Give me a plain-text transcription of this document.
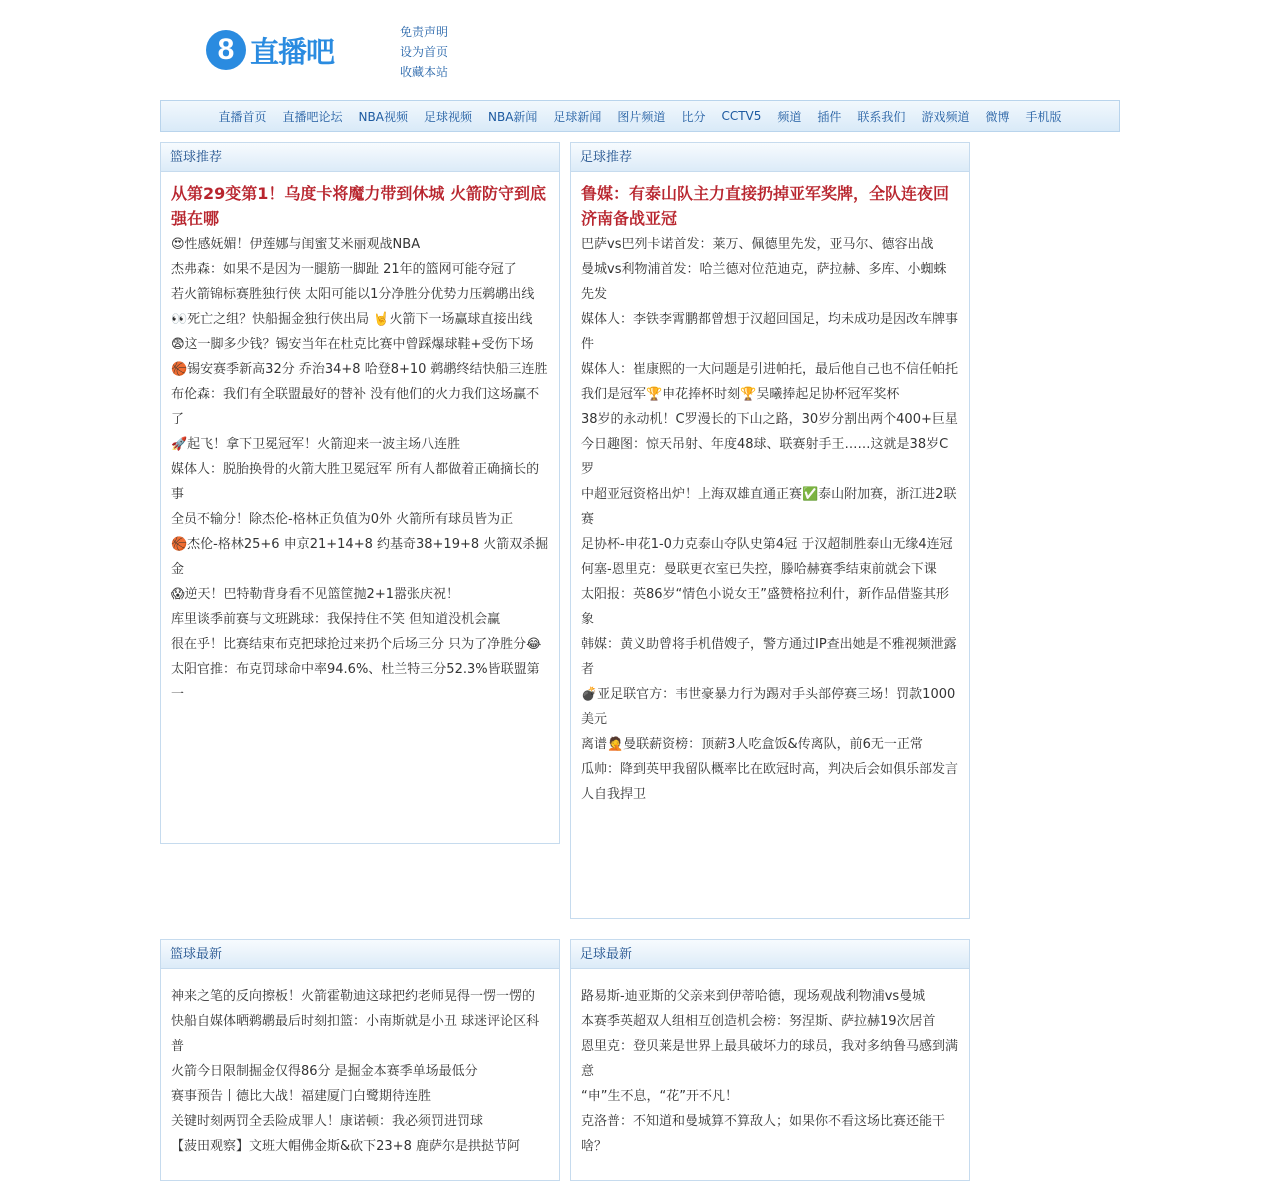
8 直播吧
免责声明
设为首页
收藏本站
直播首页 直播吧论坛 NBA视频 足球视频 NBA新闻 足球新闻 图片频道 比分 CCTV5 频道 插件 联系我们 游戏频道 微博 手机版
篮球推荐
从第29变第1！乌度卡将魔力带到休城 火箭防守到底强在哪
😍性感妩媚！伊莲娜与闺蜜艾米丽观战NBA
杰弗森：如果不是因为一腿筋一脚趾 21年的篮网可能夺冠了
若火箭锦标赛胜独行侠 太阳可能以1分净胜分优势力压鹈鹕出线
👀死亡之组？快船掘金独行侠出局 🤘火箭下一场赢球直接出线
😨这一脚多少钱？锡安当年在杜克比赛中曾踩爆球鞋+受伤下场
🏀锡安赛季新高32分 乔治34+8 哈登8+10 鹈鹕终结快船三连胜
布伦森：我们有全联盟最好的替补 没有他们的火力我们这场赢不了
🚀起飞！拿下卫冕冠军！火箭迎来一波主场八连胜
媒体人：脱胎换骨的火箭大胜卫冕冠军 所有人都做着正确摘长的事
全员不输分！除杰伦-格林正负值为0外 火箭所有球员皆为正
🏀杰伦-格林25+6 申京21+14+8 约基奇38+19+8 火箭双杀掘金
😱逆天！巴特勒背身看不见篮筐抛2+1嚣张庆祝！
库里谈季前赛与文班跳球：我保持住不笑 但知道没机会赢
很在乎！比赛结束布克把球抢过来扔个后场三分 只为了净胜分😂
太阳官推：布克罚球命中率94.6%、杜兰特三分52.3%皆联盟第一
足球推荐
鲁媒：有泰山队主力直接扔掉亚军奖牌，全队连夜回济南备战亚冠
巴萨vs巴列卡诺首发：莱万、佩德里先发，亚马尔、德容出战
曼城vs利物浦首发：哈兰德对位范迪克，萨拉赫、多库、小蜘蛛先发
媒体人：李铁李霄鹏都曾想于汉超回国足，均未成功是因改车牌事件
媒体人：崔康熙的一大问题是引进帕托，最后他自己也不信任帕托
我们是冠军🏆申花捧杯时刻🏆吴曦捧起足协杯冠军奖杯
38岁的永动机！C罗漫长的下山之路，30岁分割出两个400+巨星
今日趣图：惊天吊射、年度48球、联赛射手王……这就是38岁C罗
中超亚冠资格出炉！上海双雄直通正赛✅泰山附加赛，浙江进2联赛
足协杯-申花1-0力克泰山夺队史第4冠 于汉超制胜泰山无缘4连冠
何塞-恩里克：曼联更衣室已失控，滕哈赫赛季结束前就会下课
太阳报：英86岁“情色小说女王”盛赞格拉利什，新作品借鉴其形象
韩媒：黄义助曾将手机借嫂子，警方通过IP查出她是不雅视频泄露者
💣亚足联官方：韦世豪暴力行为踢对手头部停赛三场！罚款1000美元
离谱🤦曼联薪资榜：顶薪3人吃盒饭&传离队，前6无一正常
瓜帅：降到英甲我留队概率比在欧冠时高，判决后会如俱乐部发言人自我捍卫
篮球最新
神来之笔的反向擦板！火箭霍勒迪这球把约老师晃得一愣一愣的
快船自媒体晒鹈鹕最后时刻扣篮：小南斯就是小丑 球迷评论区科普
火箭今日限制掘金仅得86分 是掘金本赛季单场最低分
赛事预告丨德比大战！福建厦门白鹭期待连胜
关键时刻两罚全丢险成罪人！康诺顿：我必须罚进罚球
【菠田观察】文班大帽佛金斯&砍下23+8 鹿萨尔是拱挞节阿
足球最新
路易斯-迪亚斯的父亲来到伊蒂哈德，现场观战利物浦vs曼城
本赛季英超双人组相互创造机会榜：努涅斯、萨拉赫19次居首
恩里克：登贝莱是世界上最具破坏力的球员，我对多纳鲁马感到满意
“申”生不息，“花”开不凡！
克洛普：不知道和曼城算不算敌人；如果你不看这场比赛还能干啥？
